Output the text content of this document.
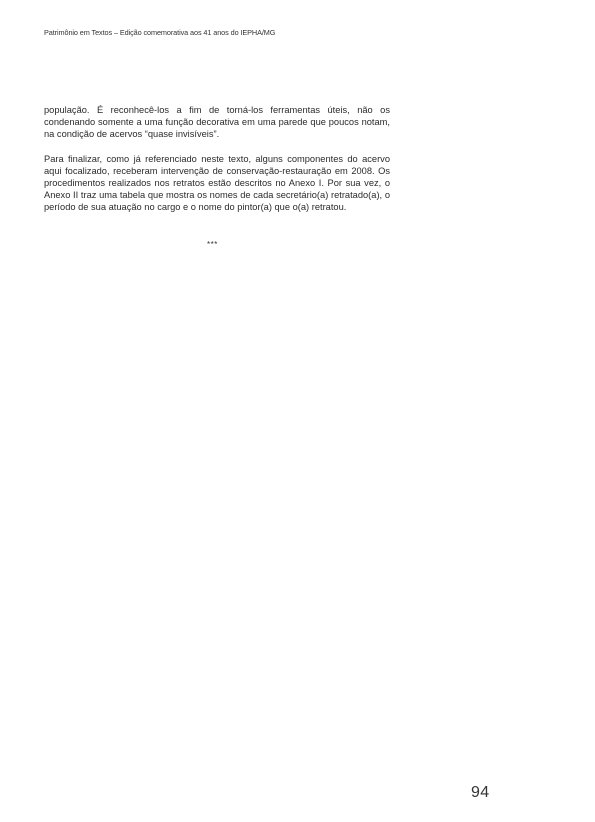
Patrimônio em Textos – Edição comemorativa aos 41 anos do IEPHA/MG

população. É reconhecê-los a fim de torná-los ferramentas úteis, não os condenando somente a uma função decorativa em uma parede que poucos notam, na condição de acervos “quase invisíveis”.

Para finalizar, como já referenciado neste texto, alguns componentes do acervo aqui focalizado, receberam intervenção de conservação-restauração em 2008. Os procedimentos realizados nos retratos estão descritos no Anexo I. Por sua vez, o Anexo II traz uma tabela que mostra os nomes de cada secretário(a) retratado(a), o período de sua atuação no cargo e o nome do pintor(a) que o(a) retratou.

***
94
